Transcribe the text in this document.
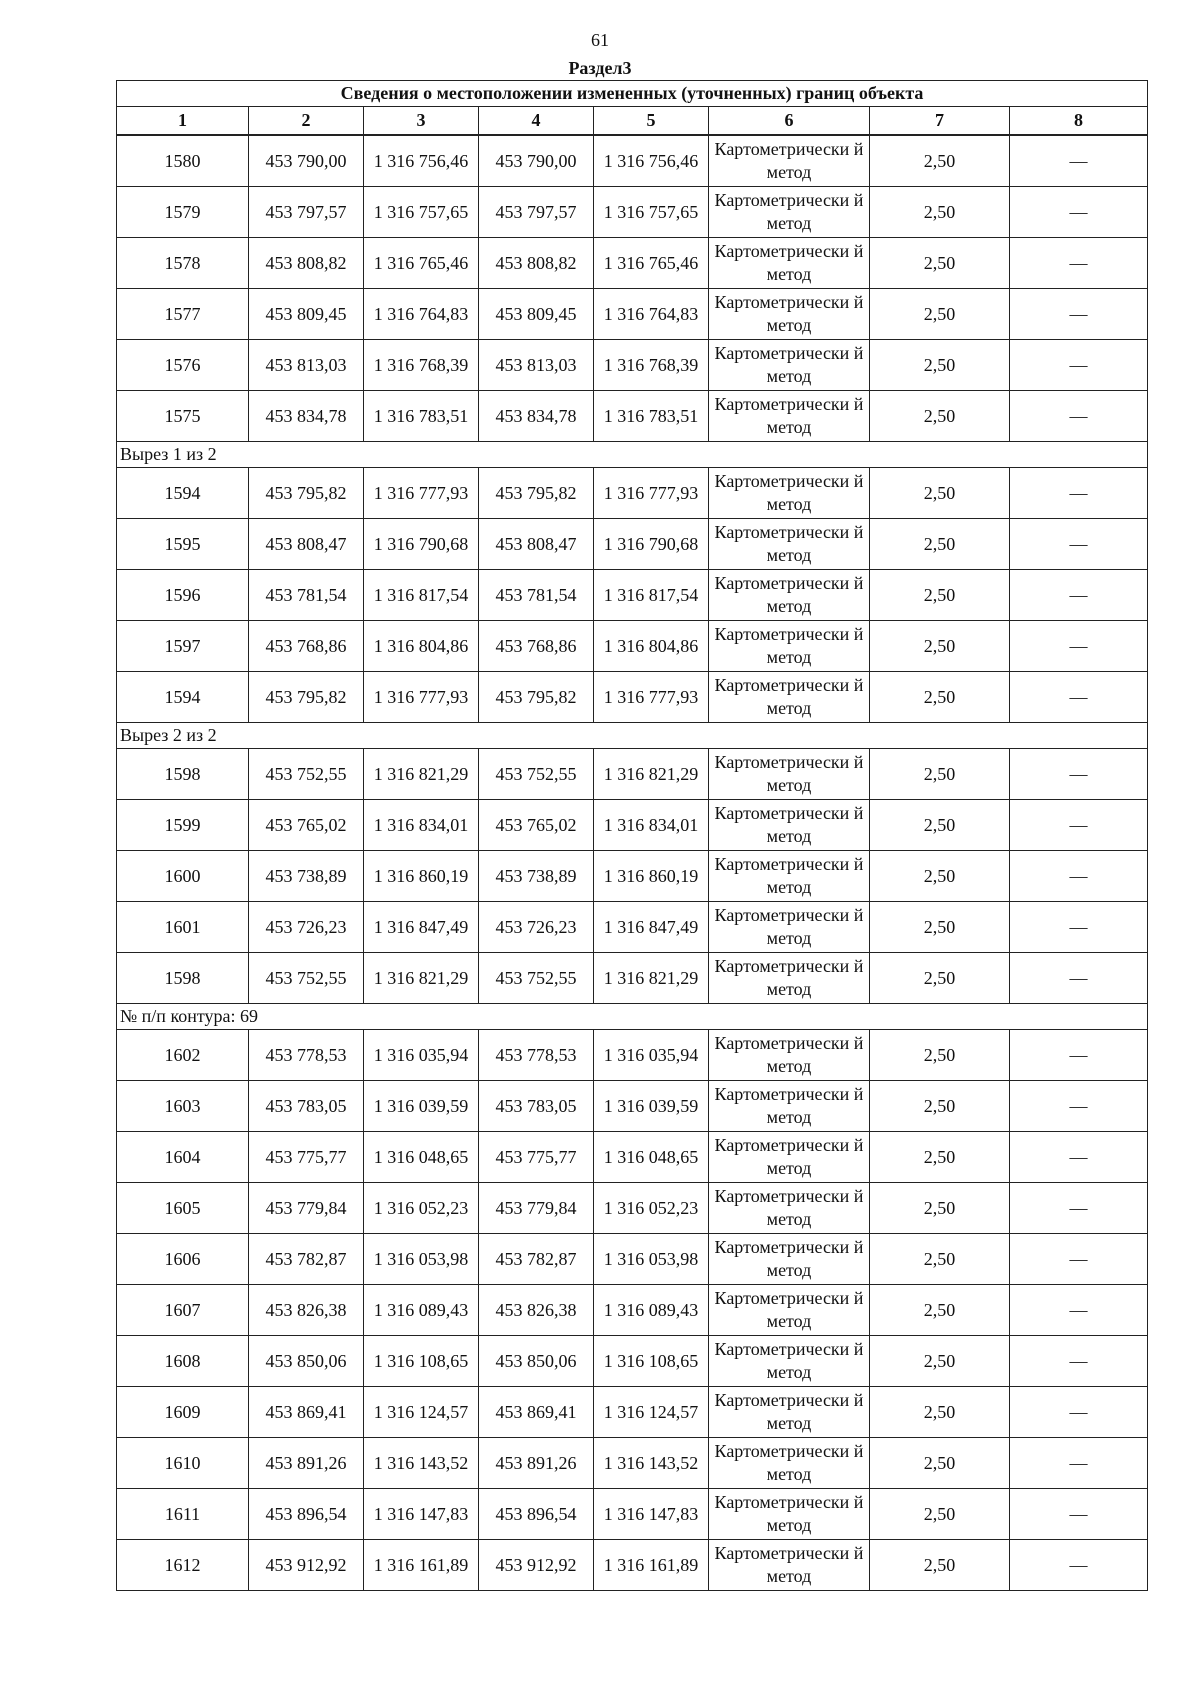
61
Раздел3
Сведения о местоположении измененных (уточненных) границ объекта							
1	2	3	4	5	6	7	8
1580	453 790,00	1 316 756,46	453 790,00	1 316 756,46	Картометрически й метод	2,50	—
1579	453 797,57	1 316 757,65	453 797,57	1 316 757,65	Картометрически й метод	2,50	—
1578	453 808,82	1 316 765,46	453 808,82	1 316 765,46	Картометрически й метод	2,50	—
1577	453 809,45	1 316 764,83	453 809,45	1 316 764,83	Картометрически й метод	2,50	—
1576	453 813,03	1 316 768,39	453 813,03	1 316 768,39	Картометрически й метод	2,50	—
1575	453 834,78	1 316 783,51	453 834,78	1 316 783,51	Картометрически й метод	2,50	—
Вырез 1 из 2							
1594	453 795,82	1 316 777,93	453 795,82	1 316 777,93	Картометрически й метод	2,50	—
1595	453 808,47	1 316 790,68	453 808,47	1 316 790,68	Картометрически й метод	2,50	—
1596	453 781,54	1 316 817,54	453 781,54	1 316 817,54	Картометрически й метод	2,50	—
1597	453 768,86	1 316 804,86	453 768,86	1 316 804,86	Картометрически й метод	2,50	—
1594	453 795,82	1 316 777,93	453 795,82	1 316 777,93	Картометрически й метод	2,50	—
Вырез 2 из 2							
1598	453 752,55	1 316 821,29	453 752,55	1 316 821,29	Картометрически й метод	2,50	—
1599	453 765,02	1 316 834,01	453 765,02	1 316 834,01	Картометрически й метод	2,50	—
1600	453 738,89	1 316 860,19	453 738,89	1 316 860,19	Картометрически й метод	2,50	—
1601	453 726,23	1 316 847,49	453 726,23	1 316 847,49	Картометрически й метод	2,50	—
1598	453 752,55	1 316 821,29	453 752,55	1 316 821,29	Картометрически й метод	2,50	—
№ п/п контура: 69							
1602	453 778,53	1 316 035,94	453 778,53	1 316 035,94	Картометрически й метод	2,50	—
1603	453 783,05	1 316 039,59	453 783,05	1 316 039,59	Картометрически й метод	2,50	—
1604	453 775,77	1 316 048,65	453 775,77	1 316 048,65	Картометрически й метод	2,50	—
1605	453 779,84	1 316 052,23	453 779,84	1 316 052,23	Картометрически й метод	2,50	—
1606	453 782,87	1 316 053,98	453 782,87	1 316 053,98	Картометрически й метод	2,50	—
1607	453 826,38	1 316 089,43	453 826,38	1 316 089,43	Картометрически й метод	2,50	—
1608	453 850,06	1 316 108,65	453 850,06	1 316 108,65	Картометрически й метод	2,50	—
1609	453 869,41	1 316 124,57	453 869,41	1 316 124,57	Картометрически й метод	2,50	—
1610	453 891,26	1 316 143,52	453 891,26	1 316 143,52	Картометрически й метод	2,50	—
1611	453 896,54	1 316 147,83	453 896,54	1 316 147,83	Картометрически й метод	2,50	—
1612	453 912,92	1 316 161,89	453 912,92	1 316 161,89	Картометрически й метод	2,50	—
